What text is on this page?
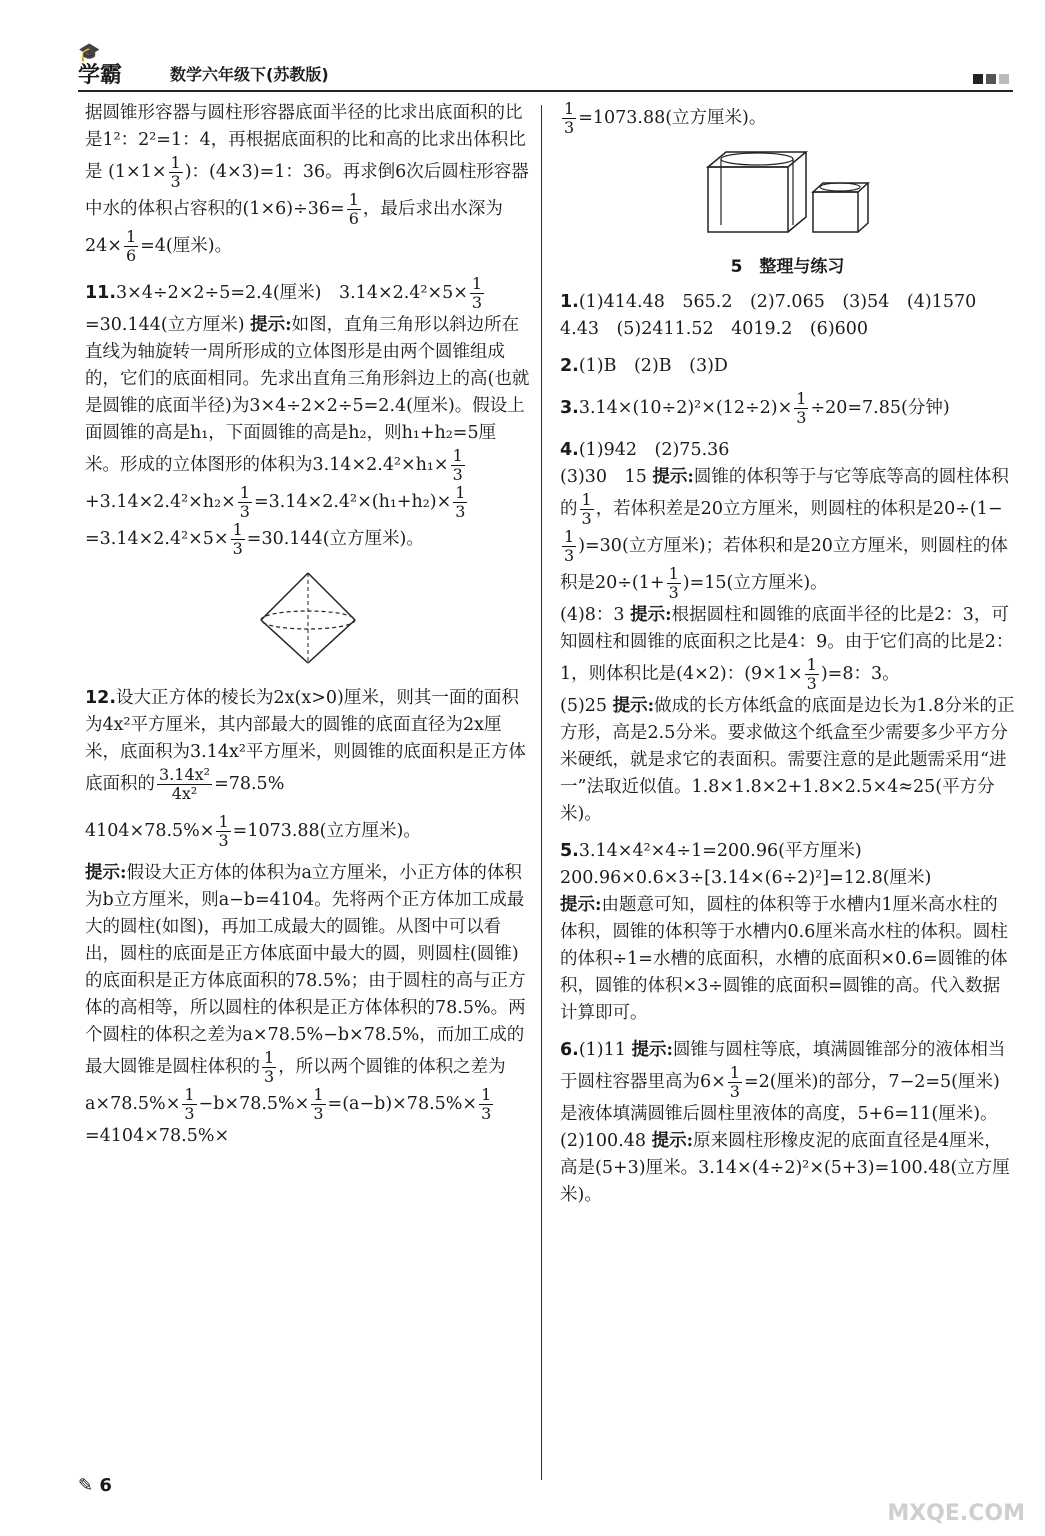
🎓
学霸	数学六年级下(苏教版)

据圆锥形容器与圆柱形容器底面半径的比求出底面积的比是1²：2²=1：4，再根据底面积的比和高的比求出体积比是 ($1\times 1\times \frac{1}{3}$ )：(4×3)=1：36。再求倒6次后圆柱形容器中水的体积占容积的$(1\times 6)\div 36= \frac{1}{6}$ ，最后求出水深为$24\times \frac{1}{6} =4$(厘米)。

11.3×4÷2×2÷5=2.4(厘米)　$3.14\times 2.4^2\times 5\times \frac{1}{3}$
=30.144(立方厘米) 提示:如图，直角三角形以斜边所在直线为轴旋转一周所形成的立体图形是由两个圆锥组成的，它们的底面相同。先求出直角三角形斜边上的高(也就是圆锥的底面半径)为3×4÷2×2÷5=2.4(厘米)。假设上面圆锥的高是h₁，下面圆锥的高是h₂，则h₁+h₂=5厘米。形成的立体图形的体积为$3.14\times 2.4^2\times h_1\times \frac{1}{3}$
$+3.14\times 2.4^2\times h_2\times \frac{1}{3} =3.14\times 2.4^2\times(h_1+h_2)\times \frac{1}{3}$
$=3.14\times 2.4^2\times 5\times \frac{1}{3} =30.144$(立方厘米)。

12.设大正方体的棱长为2x(x>0)厘米，则其一面的面积为4x²平方厘米，其内部最大的圆锥的底面直径为2x厘米，底面积为3.14x²平方厘米，则圆锥的底面积是正方体底面积的 $\frac{\text{3.14x²}}{\text{4x²}} =78.5\%$

$4104\times 78.5\%\times \frac{1}{3} =1073.88$(立方厘米)。

提示:假设大正方体的体积为a立方厘米，小正方体的体积为b立方厘米，则a−b=4104。先将两个正方体加工成最大的圆柱(如图)，再加工成最大的圆锥。从图中可以看出，圆柱的底面是正方体底面中最大的圆，则圆柱(圆锥)的底面积是正方体底面积的78.5%；由于圆柱的高与正方体的高相等，所以圆柱的体积是正方体体积的78.5%。两个圆柱的体积之差为a×78.5%−b×78.5%，而加工成的最大圆锥是圆柱体积的 $\frac{1}{3}$ ，所以两个圆锥的体积之差为$a\times 78.5\%\times \frac{1}{3} -b\times 78.5\%\times \frac{1}{3} =(a-b)\times 78.5\%\times \frac{1}{3}$
=4104×78.5%×

$\frac{1}{3} =1073.88$(立方厘米)。

5　整理与练习

1.(1)414.48　565.2　(2)7.065　(3)54　(4)1570　4.43　(5)2411.52　4019.2　(6)600

2.(1)B　(2)B　(3)D

$3.3.14\times(10\div 2)^2\times(12\div 2)\times \frac{1}{3} \div 20=7.85$(分钟)

4.(1)942　(2)75.36
(3)30　15 提示:圆锥的体积等于与它等底等高的圆柱体积的 $\frac{1}{3}$ ，若体积差是20立方厘米，则圆柱的体积是20÷(1−
$\frac{1}{3} )=30$(立方厘米)；若体积和是20立方厘米，则圆柱的体积是$20\div(1+ \frac{1}{3} )=15$(立方厘米)。
(4)8：3 提示:根据圆柱和圆锥的底面半径的比是2：3，可知圆柱和圆锥的底面积之比是4：9。由于它们高的比是2：1，则体积比是(4×2)：$(9\times 1\times \frac{1}{3} )=8$：3。
(5)25 提示:做成的长方体纸盒的底面是边长为1.8分米的正方形，高是2.5分米。要求做这个纸盒至少需要多少平方分米硬纸，就是求它的表面积。需要注意的是此题需采用“进一”法取近似值。1.8×1.8×2+1.8×2.5×4≈25(平方分米)。

5.3.14×4²×4÷1=200.96(平方厘米)
200.96×0.6×3÷[3.14×(6÷2)²]=12.8(厘米)
提示:由题意可知，圆柱的体积等于水槽内1厘米高水柱的体积，圆锥的体积等于水槽内0.6厘米高水柱的体积。圆柱的体积÷1=水槽的底面积，水槽的底面积×0.6=圆锥的体积，圆锥的体积×3÷圆锥的底面积=圆锥的高。代入数据计算即可。

6.(1)11 提示:圆锥与圆柱等底，填满圆锥部分的液体相当于圆柱容器里高为$6\times \frac{1}{3} =2$(厘米)的部分，7−2=5(厘米)是液体填满圆锥后圆柱里液体的高度，5+6=11(厘米)。
(2)100.48 提示:原来圆柱形橡皮泥的底面直径是4厘米，高是(5+3)厘米。3.14×(4÷2)²×(5+3)=100.48(立方厘米)。

✎ 6
MXQE.COM
